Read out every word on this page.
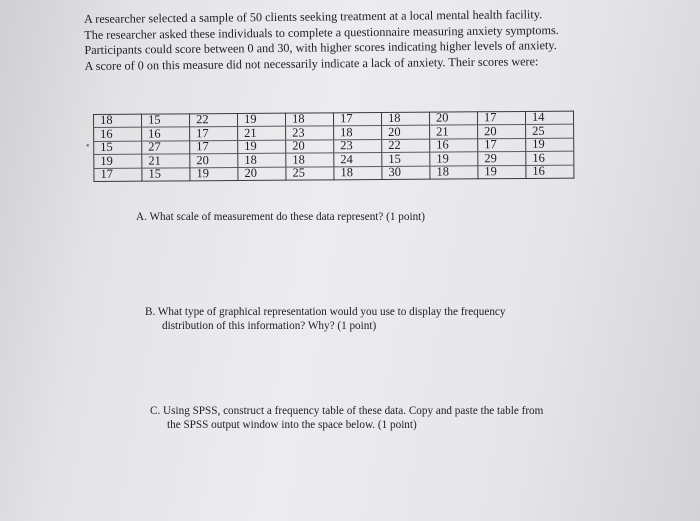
A researcher selected a sample of 50 clients seeking treatment at a local mental health facility.
The researcher asked these individuals to complete a questionnaire measuring anxiety symptoms.
Participants could score between 0 and 30, with higher scores indicating higher levels of anxiety.
A score of 0 on this measure did not necessarily indicate a lack of anxiety. Their scores were:
•
18	15	22	19	18	17	18	20	17	14
16	16	17	21	23	18	20	21	20	25
15	27	17	19	20	23	22	16	17	19
19	21	20	18	18	24	15	19	29	16
17	15	19	20	25	18	30	18	19	16
A. What scale of measurement do these data represent? (1 point)
B. What type of graphical representation would you use to display the frequency
distribution of this information? Why? (1 point)
C. Using SPSS, construct a frequency table of these data. Copy and paste the table from
the SPSS output window into the space below. (1 point)
